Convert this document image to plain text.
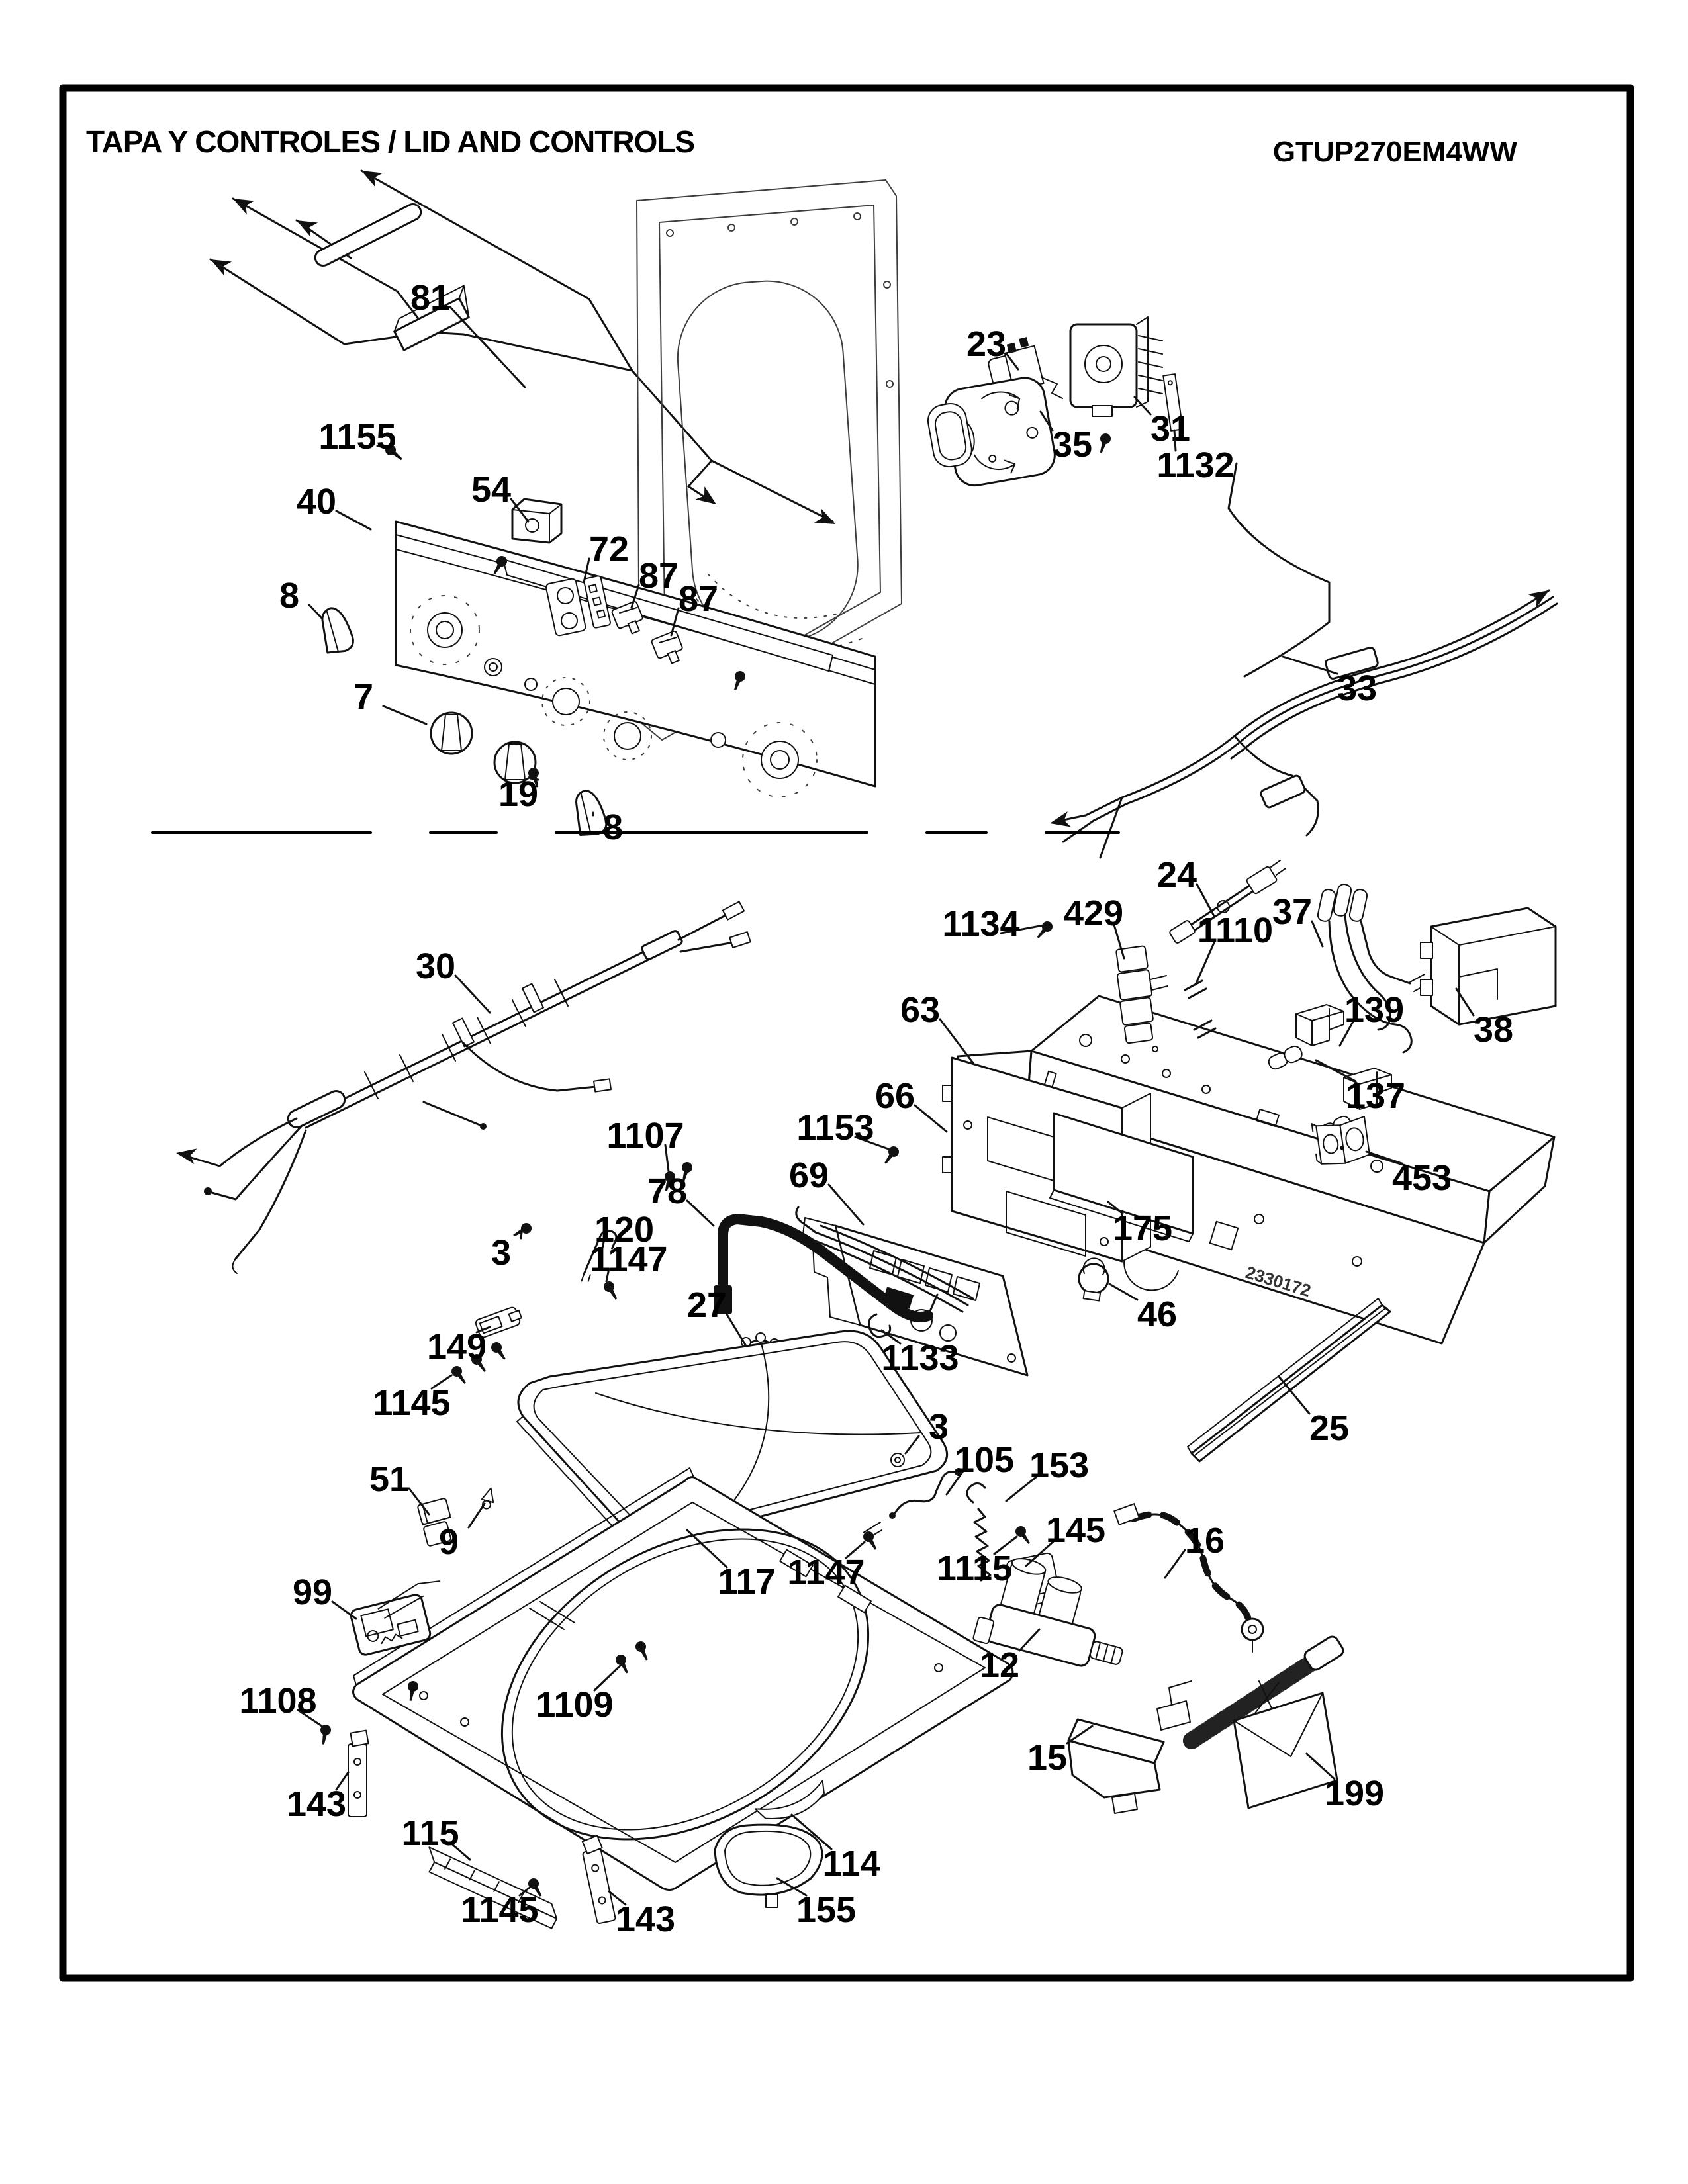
TAPA Y CONTROLES / LID AND CONTROLS	GTUP270EM4WW
2330172
81
1155
40	54
72
87
87
8
7
19
8
23
31
35
1132
33
1134 429
24
1110
37
38
63
30
139
137
453
66
1153
69
175
78
1107
120
1147
3
27
1133
46
25
149
1145
51
9
3
105 153
145
1147
117	1115
16
12
15
199
99
1108	1109
143
115
1145 143	155
114
